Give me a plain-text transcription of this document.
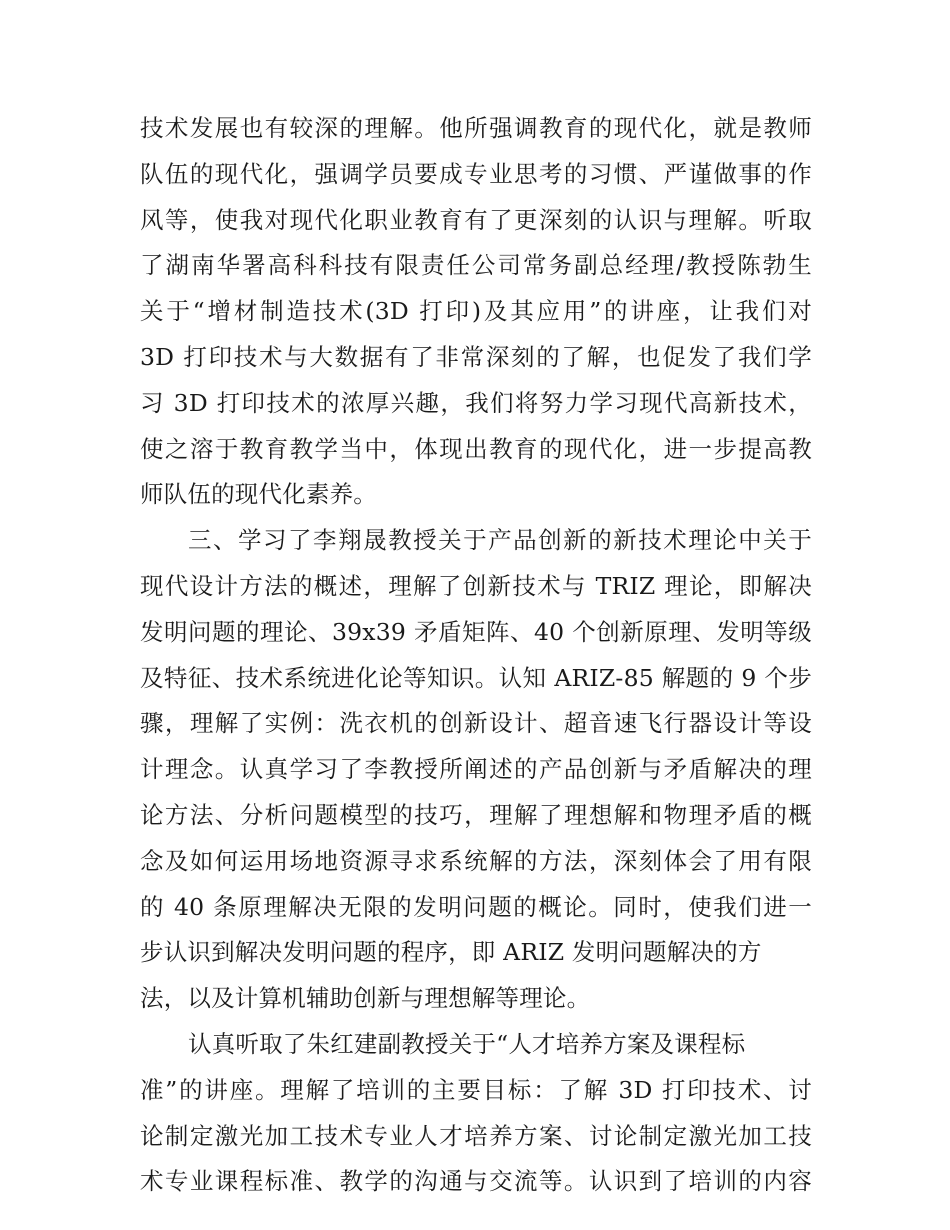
技术发展也有较深的理解。他所强调教育的现代化，就是教师
队伍的现代化，强调学员要成专业思考的习惯、严谨做事的作
风等，使我对现代化职业教育有了更深刻的认识与理解。听取
了湖南华署高科科技有限责任公司常务副总经理/教授陈勃生
关于“增材制造技术(3D 打印)及其应用”的讲座，让我们对
3D 打印技术与大数据有了非常深刻的了解，也促发了我们学
习 3D 打印技术的浓厚兴趣，我们将努力学习现代高新技术，
使之溶于教育教学当中，体现出教育的现代化，进一步提高教
师队伍的现代化素养。
三、学习了李翔晟教授关于产品创新的新技术理论中关于
现代设计方法的概述，理解了创新技术与 TRIZ 理论，即解决
发明问题的理论、39x39 矛盾矩阵、40 个创新原理、发明等级
及特征、技术系统进化论等知识。认知 ARIZ-85 解题的 9 个步
骤，理解了实例：洗衣机的创新设计、超音速飞行器设计等设
计理念。认真学习了李教授所阐述的产品创新与矛盾解决的理
论方法、分析问题模型的技巧，理解了理想解和物理矛盾的概
念及如何运用场地资源寻求系统解的方法，深刻体会了用有限
的 40 条原理解决无限的发明问题的概论。同时，使我们进一
步认识到解决发明问题的程序，即 ARIZ 发明问题解决的方
法，以及计算机辅助创新与理想解等理论。
认真听取了朱红建副教授关于“人才培养方案及课程标
准”的讲座。理解了培训的主要目标：了解 3D 打印技术、讨
论制定激光加工技术专业人才培养方案、讨论制定激光加工技
术专业课程标准、教学的沟通与交流等。认识到了培训的内容
